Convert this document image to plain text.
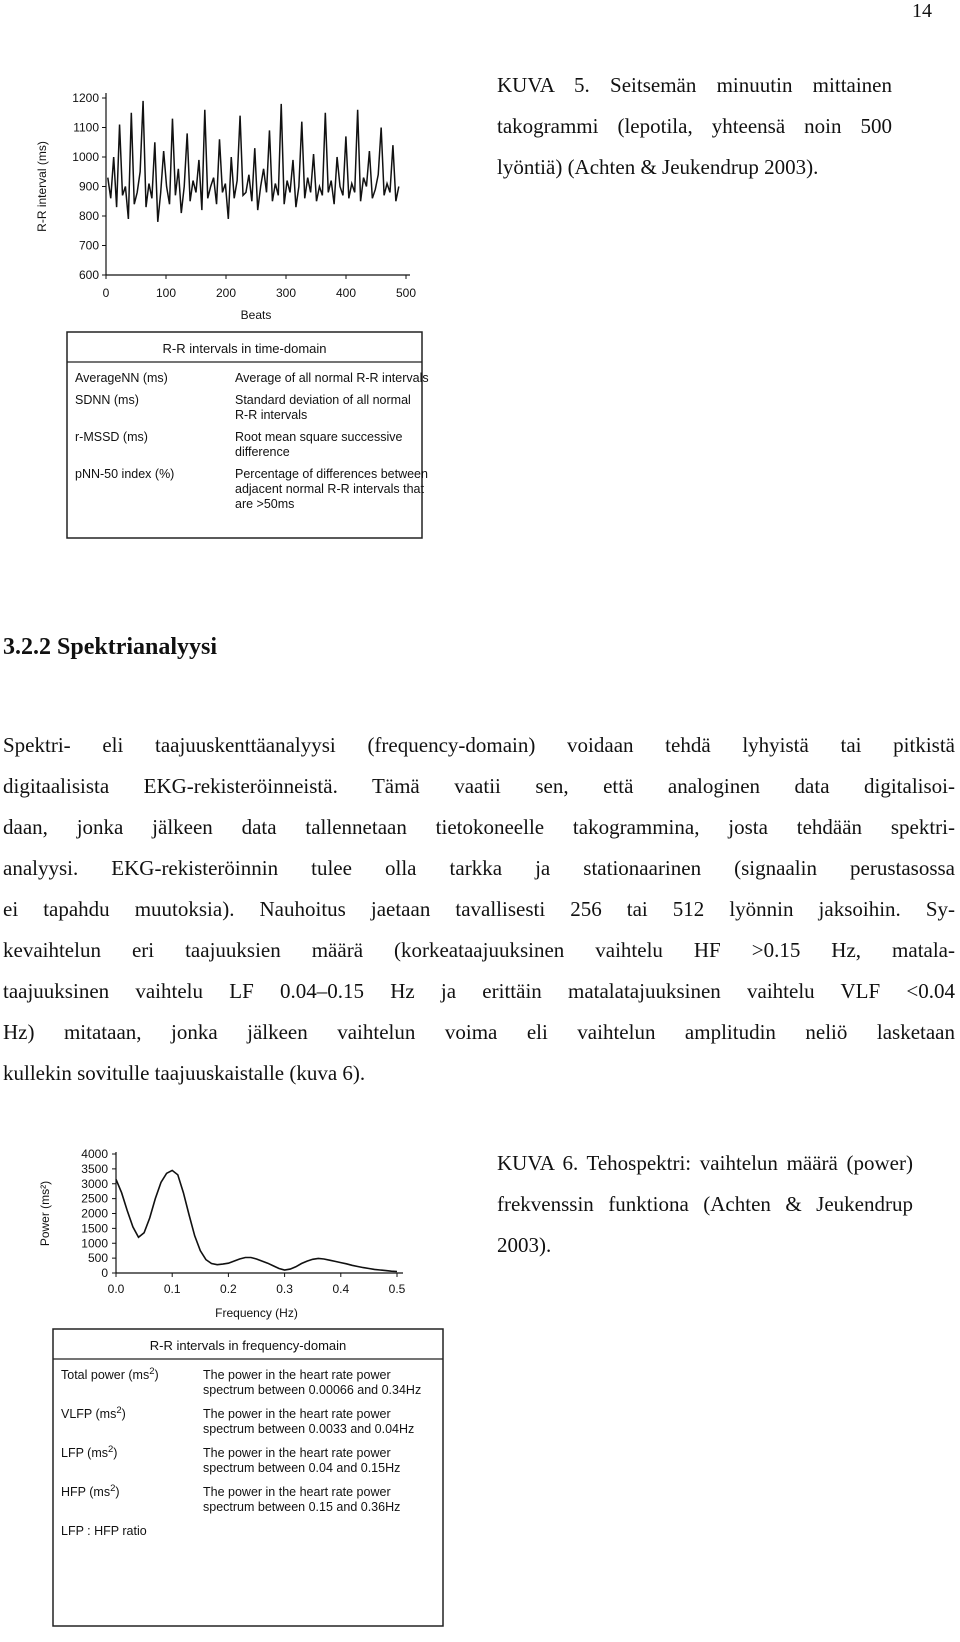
14
600
700
800
900
1000
1100
1200
0	100	200	300	400	500
Beats
R-R interval (ms)
R-R intervals in time-domain
AverageNN (ms)	Average of all normal R-R intervals
SDNN (ms)	Standard deviation of all normal
R-R intervals
r-MSSD (ms)	Root mean square successive
difference
pNN-50 index (%)	Percentage of differences between
adjacent normal R-R intervals that
are >50ms

KUVA 5. Seitsemän minuutin mittainen takogrammi (lepotila, yhteensä noin 500 lyöntiä) (Achten & Jeukendrup 2003).

3.2.2 Spektrianalyysi

Spektri- eli taajuuskenttäanalyysi (frequency-domain) voidaan tehdä lyhyistä tai pitkistä

digitaalisista EKG-rekisteröinneistä. Tämä vaatii sen, että analoginen data digitalisoi-

daan, jonka jälkeen data tallennetaan tietokoneelle takogrammina, josta tehdään spektri-

analyysi. EKG-rekisteröinnin tulee olla tarkka ja stationaarinen (signaalin perustasossa

ei tapahdu muutoksia). Nauhoitus jaetaan tavallisesti 256 tai 512 lyönnin jaksoihin. Sy-

kevaihtelun eri taajuuksien määrä (korkeataajuuksinen vaihtelu HF >0.15 Hz, matala-

taajuuksinen vaihtelu LF 0.04–0.15 Hz ja erittäin matalatajuuksinen vaihtelu VLF <0.04

Hz) mitataan, jonka jälkeen vaihtelun voima eli vaihtelun amplitudin neliö lasketaan

kullekin sovitulle taajuuskaistalle (kuva 6).

0
500
1000
1500
2000
2500
3000
3500
4000
0.0	0.1	0.2	0.3	0.4	0.5
Frequency (Hz)
Power (ms²)
R-R intervals in frequency-domain
Total power $(ms^2)$	The power in the heart rate power
spectrum between 0.00066 and 0.34Hz
VLFP $(ms^2)$	The power in the heart rate power
spectrum between 0.0033 and 0.04Hz
LFP $(ms^2)$	The power in the heart rate power
spectrum between 0.04 and 0.15Hz
HFP $(ms^2)$	The power in the heart rate power
spectrum between 0.15 and 0.36Hz
LFP : HFP ratio

KUVA 6. Tehospektri: vaihtelun määrä (power) frekvenssin funktiona (Achten & Jeukendrup 2003).
